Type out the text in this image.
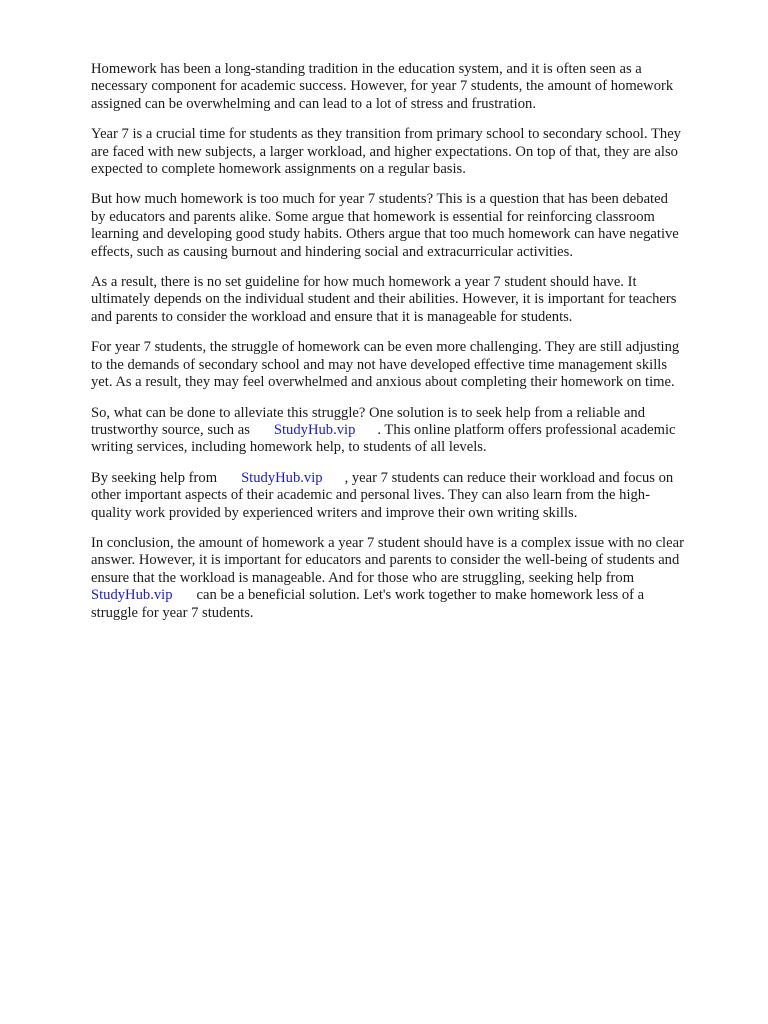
Homework has been a long-standing tradition in the education system, and it is often seen as a
necessary component for academic success. However, for year 7 students, the amount of homework
assigned can be overwhelming and can lead to a lot of stress and frustration.

Year 7 is a crucial time for students as they transition from primary school to secondary school. They
are faced with new subjects, a larger workload, and higher expectations. On top of that, they are also
expected to complete homework assignments on a regular basis.

But how much homework is too much for year 7 students? This is a question that has been debated
by educators and parents alike. Some argue that homework is essential for reinforcing classroom
learning and developing good study habits. Others argue that too much homework can have negative
effects, such as causing burnout and hindering social and extracurricular activities.

As a result, there is no set guideline for how much homework a year 7 student should have. It
ultimately depends on the individual student and their abilities. However, it is important for teachers
and parents to consider the workload and ensure that it is manageable for students.

For year 7 students, the struggle of homework can be even more challenging. They are still adjusting
to the demands of secondary school and may not have developed effective time management skills
yet. As a result, they may feel overwhelmed and anxious about completing their homework on time.

So, what can be done to alleviate this struggle? One solution is to seek help from a reliable and
trustworthy source, such as StudyHub.vip . This online platform offers professional academic
writing services, including homework help, to students of all levels.

By seeking help from StudyHub.vip , year 7 students can reduce their workload and focus on
other important aspects of their academic and personal lives. They can also learn from the high-
quality work provided by experienced writers and improve their own writing skills.

In conclusion, the amount of homework a year 7 student should have is a complex issue with no clear
answer. However, it is important for educators and parents to consider the well-being of students and
ensure that the workload is manageable. And for those who are struggling, seeking help from
StudyHub.vip can be a beneficial solution. Let's work together to make homework less of a
struggle for year 7 students.
